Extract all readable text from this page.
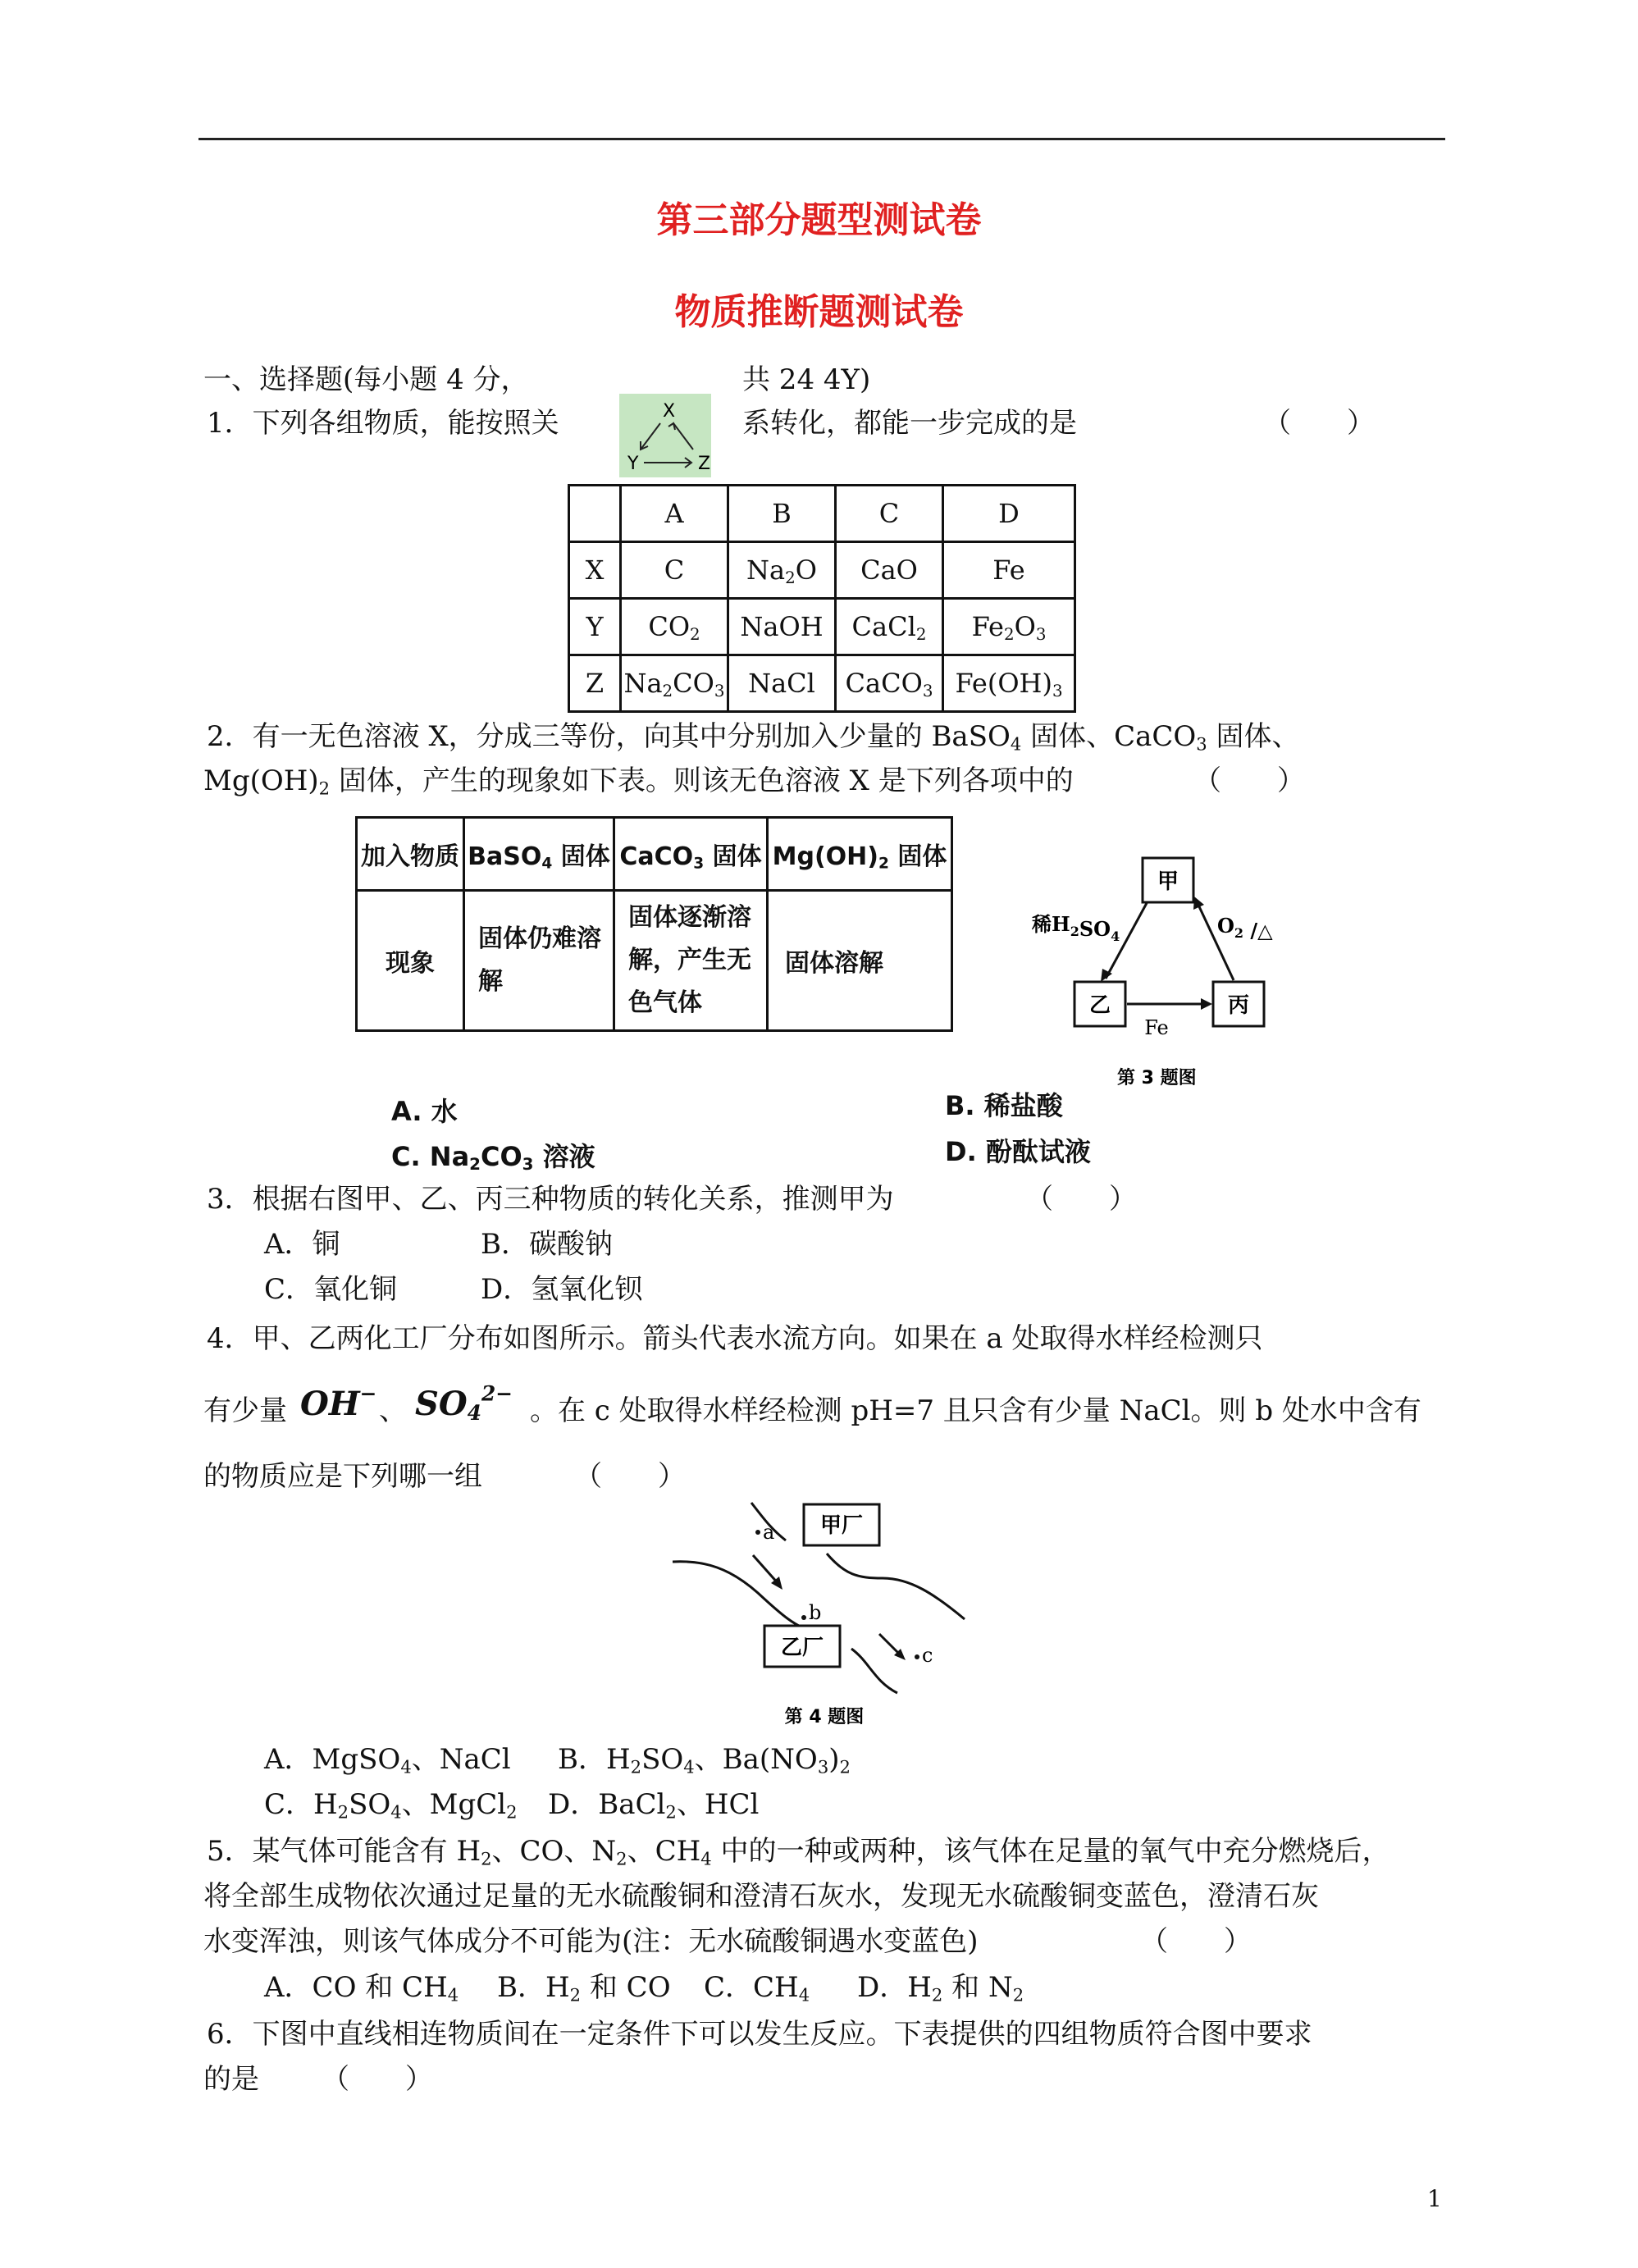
第三部分题型测试卷
物质推断题测试卷
一、选择题(每小题 4 分，	共 24 4Y)
1．下列各组物质，能按照关	X
Y	Z
系转化，都能一步完成的是	（　　）
	A	B	C	D
X	C	$Na_2O$	CaO	Fe
Y	$CO_2$	NaOH	CaCl$_2$	$Fe_2O_3$
Z	$Na_2CO_3$	NaCl	CaCO$_3$	$Fe(OH)_3$
2．有一无色溶液 X，分成三等份，向其中分别加入少量的 BaSO$_4$ 固体、CaCO$_3$ 固体、
$Mg(OH)_2$ 固体，产生的现象如下表。则该无色溶液 X 是下列各项中的	（　　）
加入物质	BaSO$_4$ 固体	CaCO$_3$ 固体	$Mg(OH)_2$ 固体
现象	固体仍难溶解	固体逐渐溶解，产生无色气体	固体溶解
甲
乙	丙
稀$H_2SO_4$	$O_2$ /△
Fe
第 3 题图
A. 水	B. 稀盐酸
C. $Na_2CO_3$ 溶液	D. 酚酞试液
3．根据右图甲、乙、丙三种物质的转化关系，推测甲为	（　　）
A．铜	B．碳酸钠
C．氧化铜	D．氢氧化钡
4．甲、乙两化工厂分布如图所示。箭头代表水流方向。如果在 a 处取得水样经检测只
有少量 OH−
、 $SO_4^{2-}$
。在 c 处取得水样经检测 pH=7 且只含有少量 NaCl。则 b 处水中含有
的物质应是下列哪一组	（　　）
甲厂
乙厂
a
b
c
第 4 题图
A．MgSO$_4$、NaCl B．$H_2SO_4$、$Ba(NO_3)_2$
C．$H_2SO_4$、MgCl$_2$ D．BaCl$_2$、HCl
5．某气体可能含有 $H_2$、CO、$N_2$、$CH_4$ 中的一种或两种，该气体在足量的氧气中充分燃烧后，
将全部生成物依次通过足量的无水硫酸铜和澄清石灰水，发现无水硫酸铜变蓝色，澄清石灰
水变浑浊，则该气体成分不可能为(注：无水硫酸铜遇水变蓝色)	（　　）
A．CO 和 $CH_4$ B．$H_2$ 和 CO C．$CH_4$ D．$H_2$ 和 $N_2$
6．下图中直线相连物质间在一定条件下可以发生反应。下表提供的四组物质符合图中要求
的是 （　　）
1
